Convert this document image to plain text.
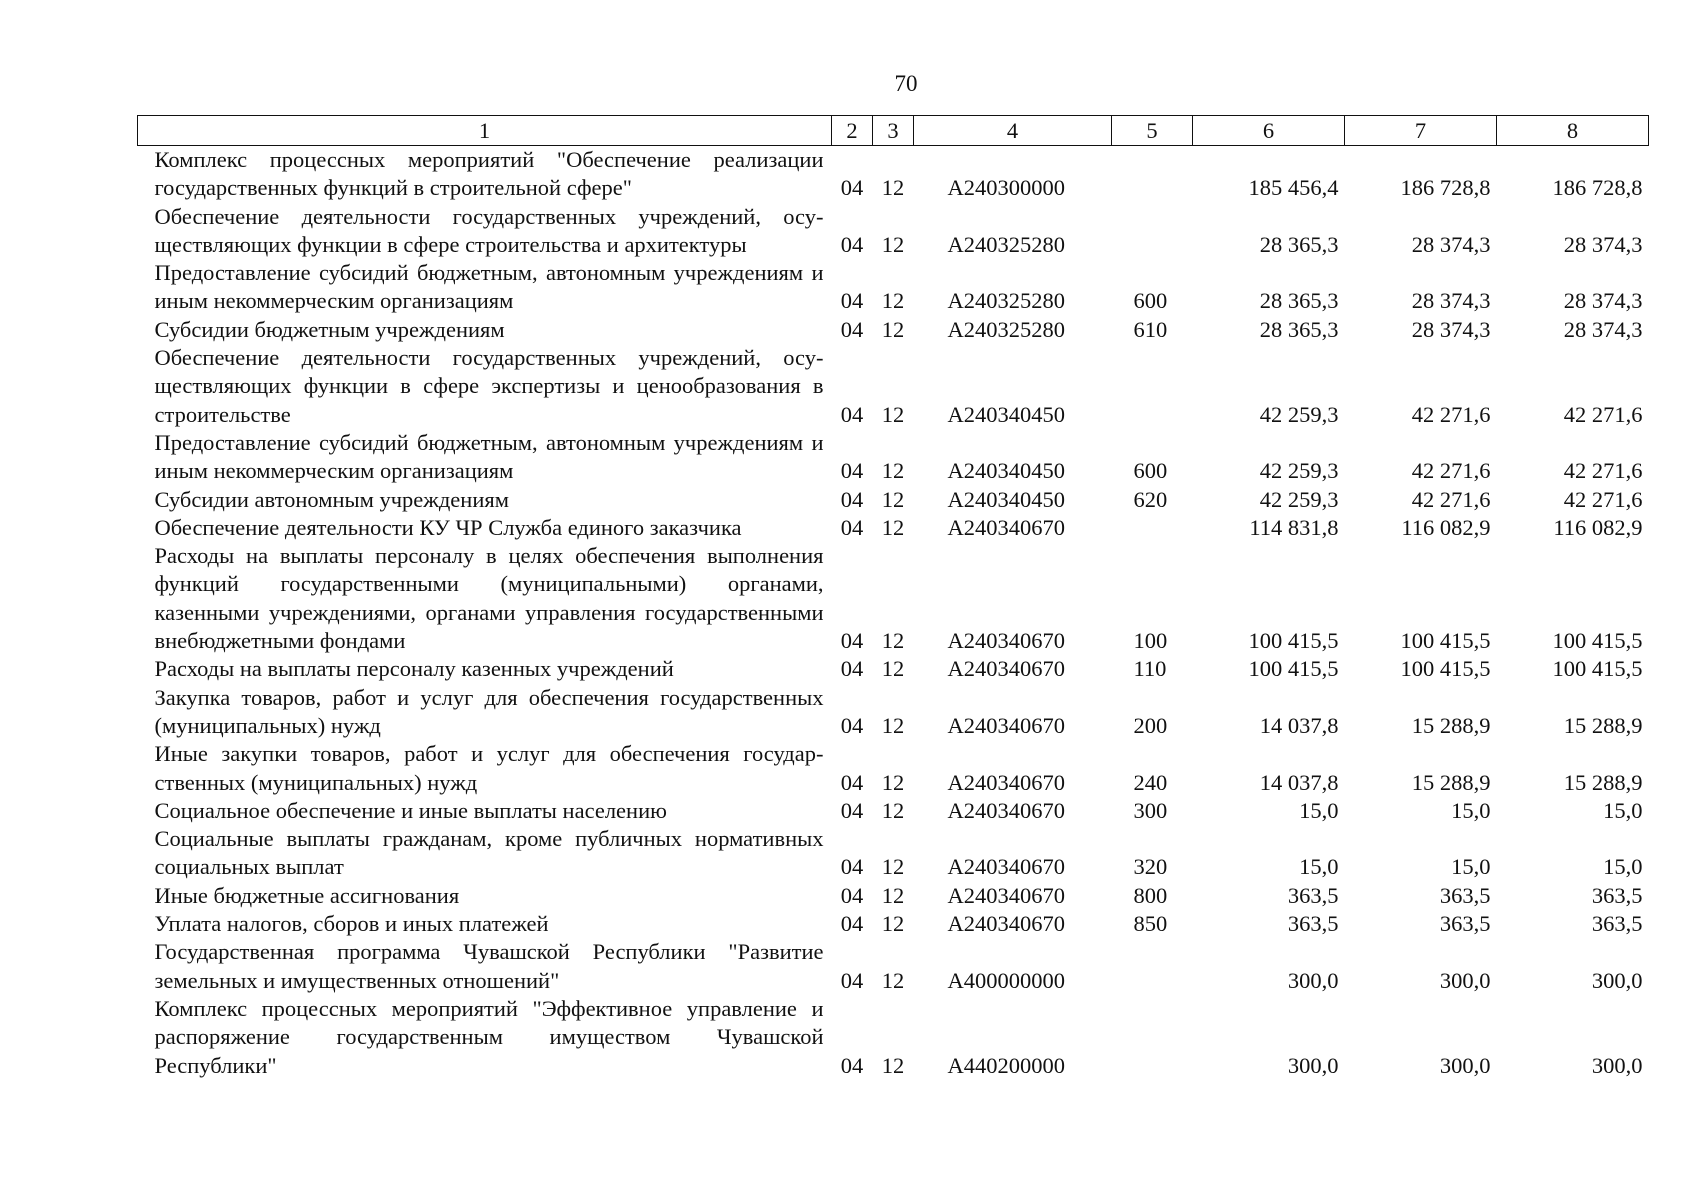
70
1	2	3	4	5	6	7	8
Комплекс процессных мероприятий "Обеспечение реализации государственных функций в строительной сфере"	04	12	А240300000		185 456,4	186 728,8	186 728,8
Обеспечение деятельности государственных учреждений, осуществляющих функции в сфере строительства и архитектуры	04	12	А240325280		28 365,3	28 374,3	28 374,3
Предоставление субсидий бюджетным, автономным учреждениям и иным некоммерческим организациям	04	12	А240325280	600	28 365,3	28 374,3	28 374,3
Субсидии бюджетным учреждениям	04	12	А240325280	610	28 365,3	28 374,3	28 374,3
Обеспечение деятельности государственных учреждений, осуществляющих функции в сфере экспертизы и ценообразования в строительстве	04	12	А240340450		42 259,3	42 271,6	42 271,6
Предоставление субсидий бюджетным, автономным учреждениям и иным некоммерческим организациям	04	12	А240340450	600	42 259,3	42 271,6	42 271,6
Субсидии автономным учреждениям	04	12	А240340450	620	42 259,3	42 271,6	42 271,6
Обеспечение деятельности КУ ЧР Служба единого заказчика	04	12	А240340670		114 831,8	116 082,9	116 082,9
Расходы на выплаты персоналу в целях обеспечения выполнения функций государственными (муниципальными) органами, казенными учреждениями, органами управления государственными внебюджетными фондами	04	12	А240340670	100	100 415,5	100 415,5	100 415,5
Расходы на выплаты персоналу казенных учреждений	04	12	А240340670	110	100 415,5	100 415,5	100 415,5
Закупка товаров, работ и услуг для обеспечения государственных (муниципальных) нужд	04	12	А240340670	200	14 037,8	15 288,9	15 288,9
Иные закупки товаров, работ и услуг для обеспечения государственных (муниципальных) нужд	04	12	А240340670	240	14 037,8	15 288,9	15 288,9
Социальное обеспечение и иные выплаты населению	04	12	А240340670	300	15,0	15,0	15,0
Социальные выплаты гражданам, кроме публичных нормативных социальных выплат	04	12	А240340670	320	15,0	15,0	15,0
Иные бюджетные ассигнования	04	12	А240340670	800	363,5	363,5	363,5
Уплата налогов, сборов и иных платежей	04	12	А240340670	850	363,5	363,5	363,5
Государственная программа Чувашской Республики "Развитие земельных и имущественных отношений"	04	12	А400000000		300,0	300,0	300,0
Комплекс процессных мероприятий "Эффективное управление и распоряжение государственным имуществом Чувашской Республики"	04	12	А440200000		300,0	300,0	300,0
